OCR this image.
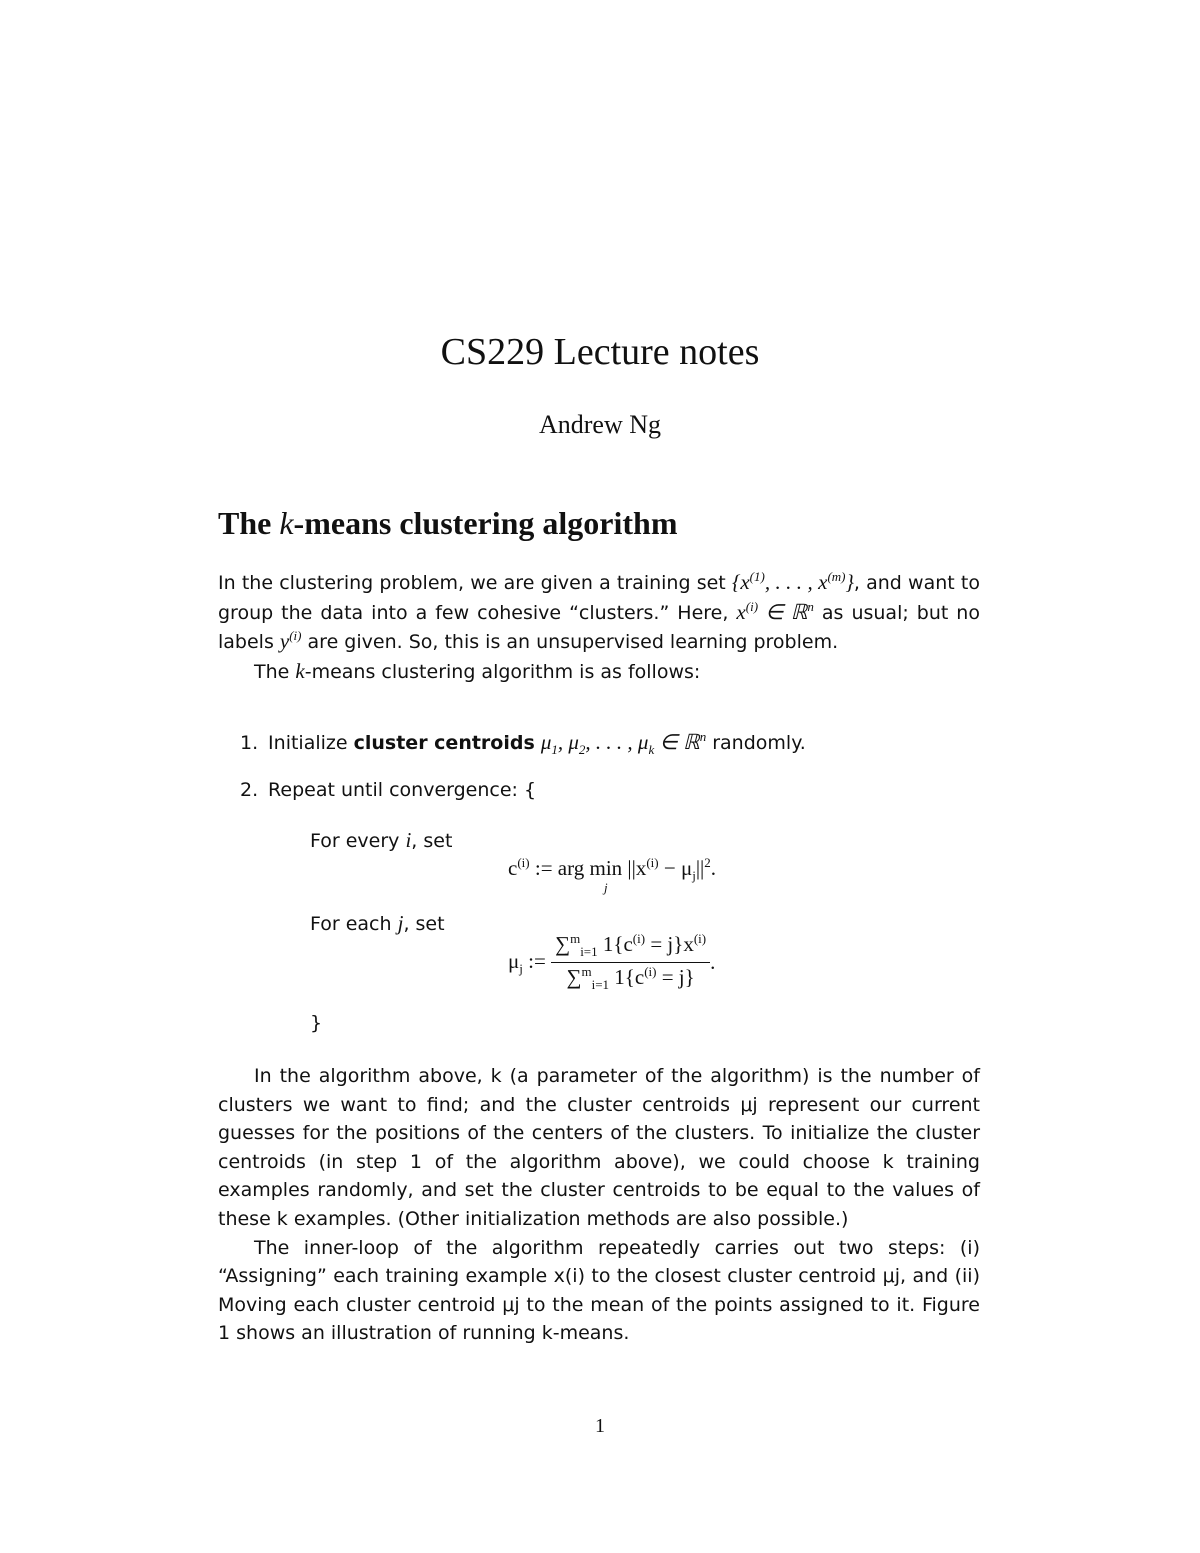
CS229 Lecture notes
Andrew Ng
The k-means clustering algorithm

In the clustering problem, we are given a training set {$x^{(1)}$, . . . , $x^{(m)}$}, and want to group the data into a few cohesive “clusters.” Here, $x^{(i)}$ ∈ ℝ$^n$ as usual; but no labels $y^{(i)}$ are given. So, this is an unsupervised learning problem.

The k-means clustering algorithm is as follows:

1. Initialize cluster centroids $\mu_1$, $\mu_2$, . . . , $\mu_k$ ∈ ℝ$^n$ randomly.
2. Repeat until convergence: {
For every i, set
$c^{(i)}$ := arg min
j
$||x^{(i)} - \mu_j||^2$.
For each j, set
$\mu_j$ := $\frac{\sum^m_{i=1} 1\{c^{(i)} = j\}x^{(i)}}{\sum^m_{i=1} 1\{c^{(i)} = j\}}$ .
}

In the algorithm above, k (a parameter of the algorithm) is the number of clusters we want to find; and the cluster centroids μj represent our current guesses for the positions of the centers of the clusters. To initialize the cluster centroids (in step 1 of the algorithm above), we could choose k training examples randomly, and set the cluster centroids to be equal to the values of these k examples. (Other initialization methods are also possible.)

The inner-loop of the algorithm repeatedly carries out two steps: (i) “Assigning” each training example x(i) to the closest cluster centroid μj, and (ii) Moving each cluster centroid μj to the mean of the points assigned to it. Figure 1 shows an illustration of running k-means.

1
